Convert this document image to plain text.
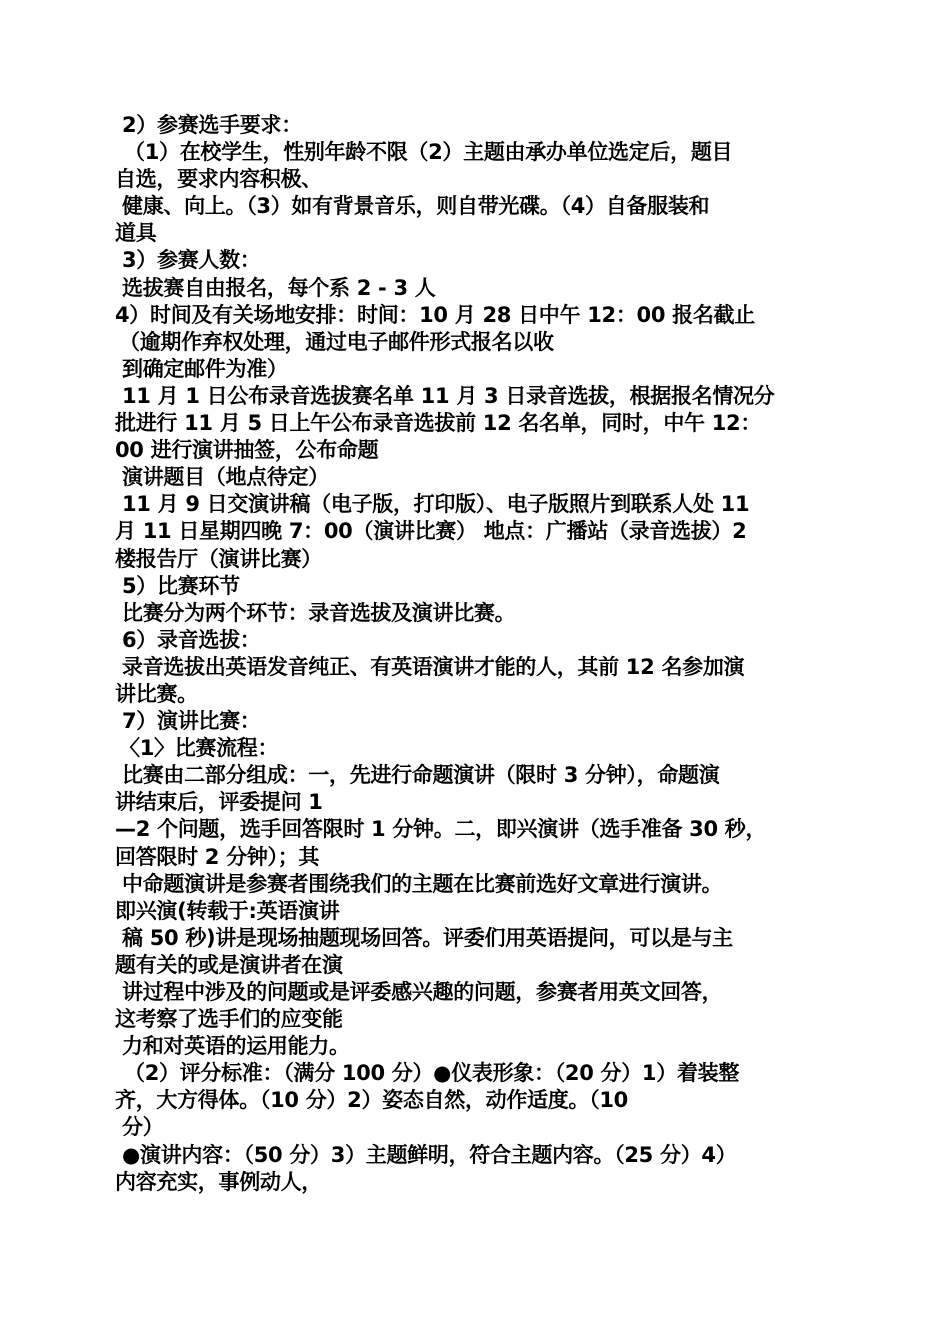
2）参赛选手要求：
（1）在校学生，性别年龄不限（2）主题由承办单位选定后，题目
自选，要求内容积极、
健康、向上。（3）如有背景音乐，则自带光碟。（4）自备服装和
道具
3）参赛人数：
选拔赛自由报名，每个系 2 - 3 人
4）时间及有关场地安排：时间：10 月 28 日中午 12：00 报名截止
（逾期作弃权处理，通过电子邮件形式报名以收
到确定邮件为准）
11 月 1 日公布录音选拔赛名单 11 月 3 日录音选拔，根据报名情况分
批进行 11 月 5 日上午公布录音选拔前 12 名名单，同时，中午 12：
00 进行演讲抽签，公布命题
演讲题目（地点待定）
11 月 9 日交演讲稿（电子版，打印版）、电子版照片到联系人处 11
月 11 日星期四晚 7：00（演讲比赛） 地点：广播站（录音选拔）2
楼报告厅（演讲比赛）
5）比赛环节
比赛分为两个环节：录音选拔及演讲比赛。
6）录音选拔：
录音选拔出英语发音纯正、有英语演讲才能的人，其前 12 名参加演
讲比赛。
7）演讲比赛：
〈1〉比赛流程：
比赛由二部分组成：一，先进行命题演讲（限时 3 分钟），命题演
讲结束后，评委提问 1
—2 个问题，选手回答限时 1 分钟。二，即兴演讲（选手准备 30 秒，
回答限时 2 分钟）；其
中命题演讲是参赛者围绕我们的主题在比赛前选好文章进行演讲。
即兴演(转载于:英语演讲
稿 50 秒)讲是现场抽题现场回答。评委们用英语提问，可以是与主
题有关的或是演讲者在演
讲过程中涉及的问题或是评委感兴趣的问题，参赛者用英文回答，
这考察了选手们的应变能
力和对英语的运用能力。
（2）评分标准：（满分 100 分）●仪表形象：（20 分）1）着装整
齐，大方得体。（10 分）2）姿态自然，动作适度。（10
分）
●演讲内容：（50 分）3）主题鲜明，符合主题内容。（25 分）4）
内容充实，事例动人，
